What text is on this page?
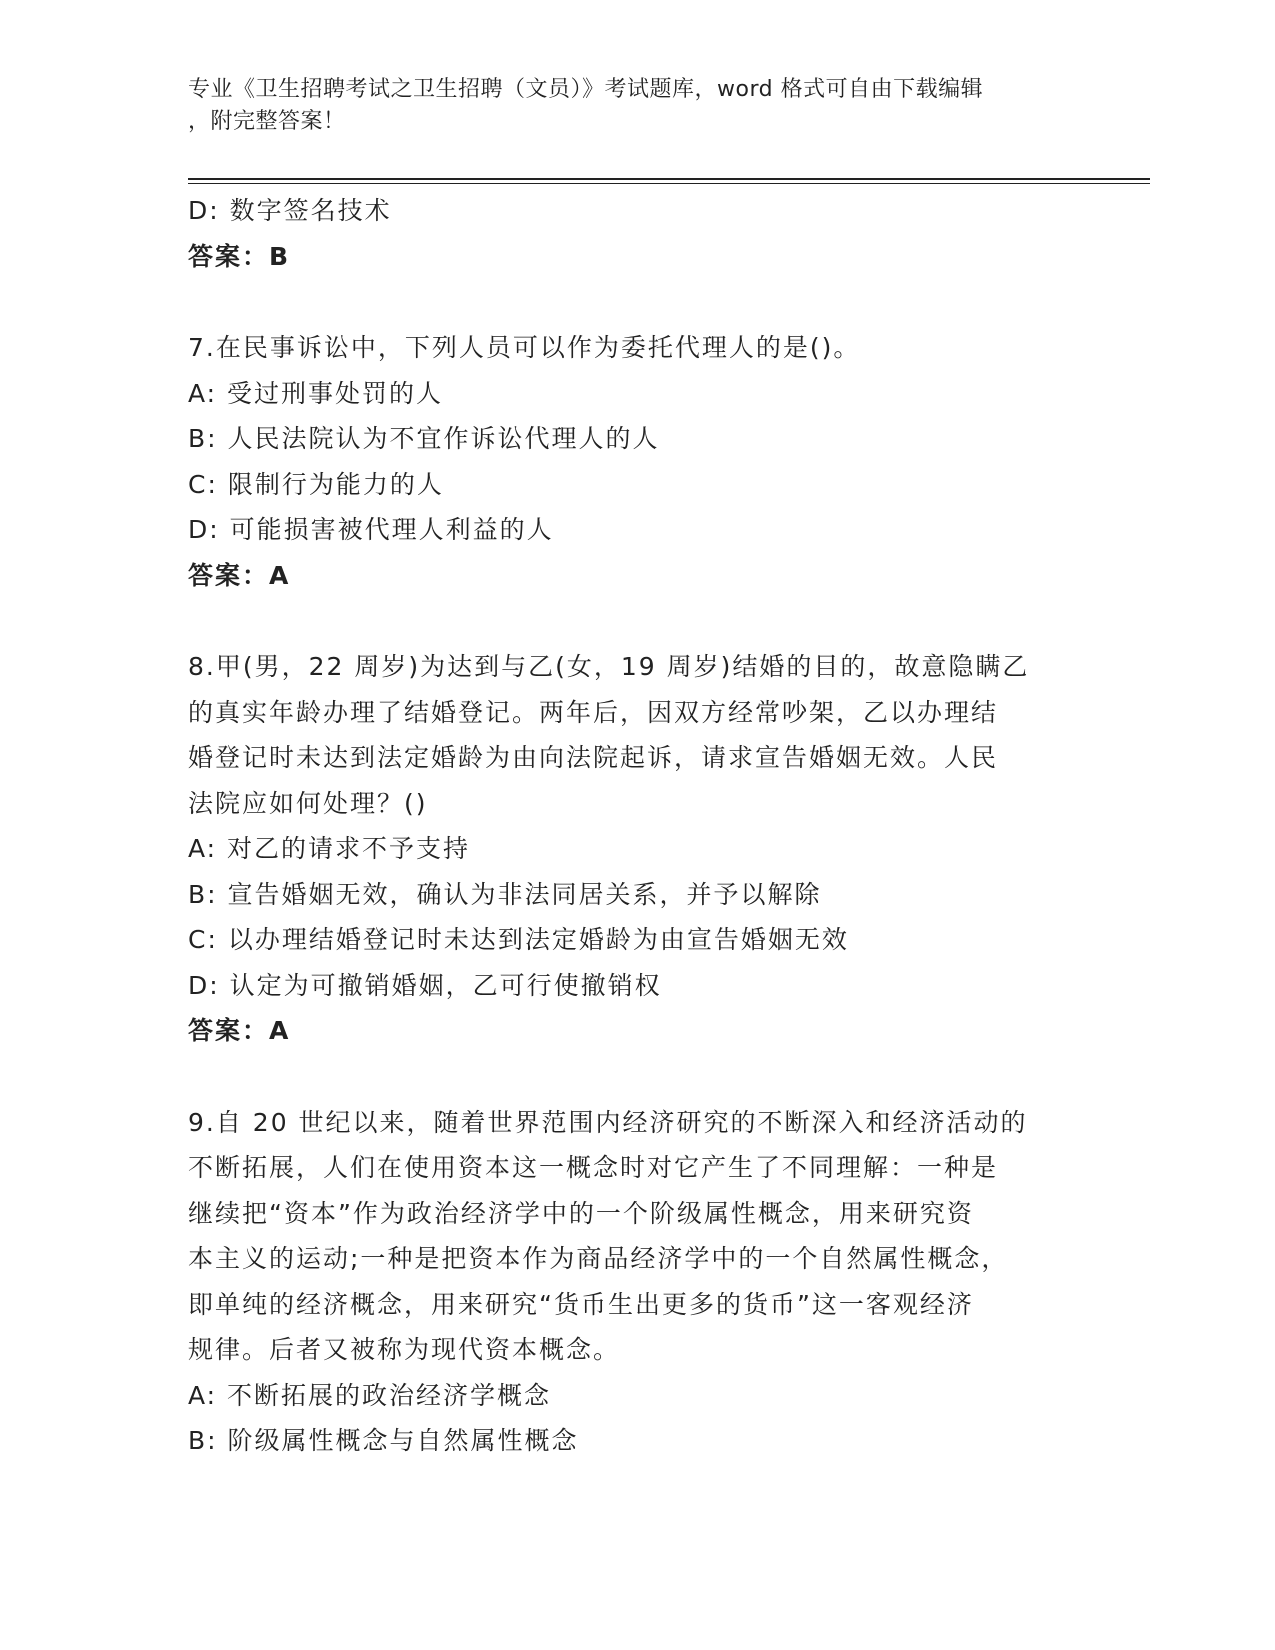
专业《卫生招聘考试之卫生招聘（文员）》考试题库，word 格式可自由下载编辑
，附完整答案！
D: 数字签名技术
答案：B
7.在民事诉讼中，下列人员可以作为委托代理人的是()。
A: 受过刑事处罚的人
B: 人民法院认为不宜作诉讼代理人的人
C: 限制行为能力的人
D: 可能损害被代理人利益的人
答案：A
8.甲(男，22 周岁)为达到与乙(女，19 周岁)结婚的目的，故意隐瞒乙
的真实年龄办理了结婚登记。两年后，因双方经常吵架，乙以办理结
婚登记时未达到法定婚龄为由向法院起诉，请求宣告婚姻无效。人民
法院应如何处理？()
A: 对乙的请求不予支持
B: 宣告婚姻无效，确认为非法同居关系，并予以解除
C: 以办理结婚登记时未达到法定婚龄为由宣告婚姻无效
D: 认定为可撤销婚姻，乙可行使撤销权
答案：A
9.自 20 世纪以来，随着世界范围内经济研究的不断深入和经济活动的
不断拓展，人们在使用资本这一概念时对它产生了不同理解：一种是
继续把“资本”作为政治经济学中的一个阶级属性概念，用来研究资
本主义的运动;一种是把资本作为商品经济学中的一个自然属性概念，
即单纯的经济概念，用来研究“货币生出更多的货币”这一客观经济
规律。后者又被称为现代资本概念。
A: 不断拓展的政治经济学概念
B: 阶级属性概念与自然属性概念
